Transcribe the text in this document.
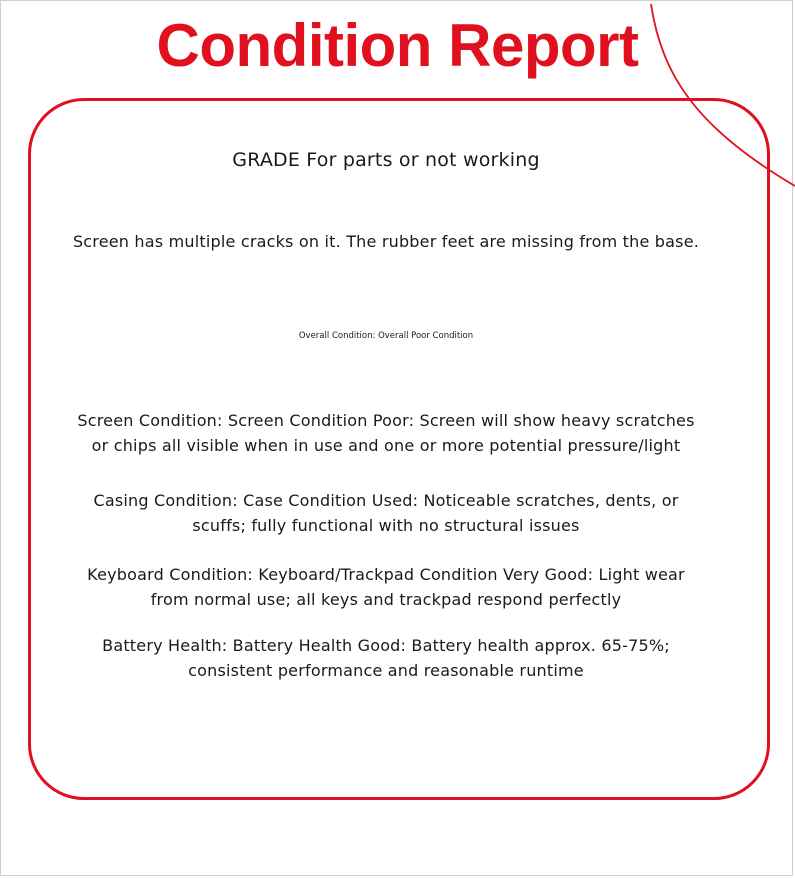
Condition Report
GRADE For parts or not working
Screen has multiple cracks on it. The rubber feet are missing from the base.
Overall Condition: Overall Poor Condition
Screen Condition: Screen Condition Poor: Screen will show heavy scratches
or chips all visible when in use and one or more potential pressure/light
Casing Condition: Case Condition Used: Noticeable scratches, dents, or
scuffs; fully functional with no structural issues
Keyboard Condition: Keyboard/Trackpad Condition Very Good: Light wear
from normal use; all keys and trackpad respond perfectly
Battery Health: Battery Health Good: Battery health approx. 65-75%;
consistent performance and reasonable runtime
